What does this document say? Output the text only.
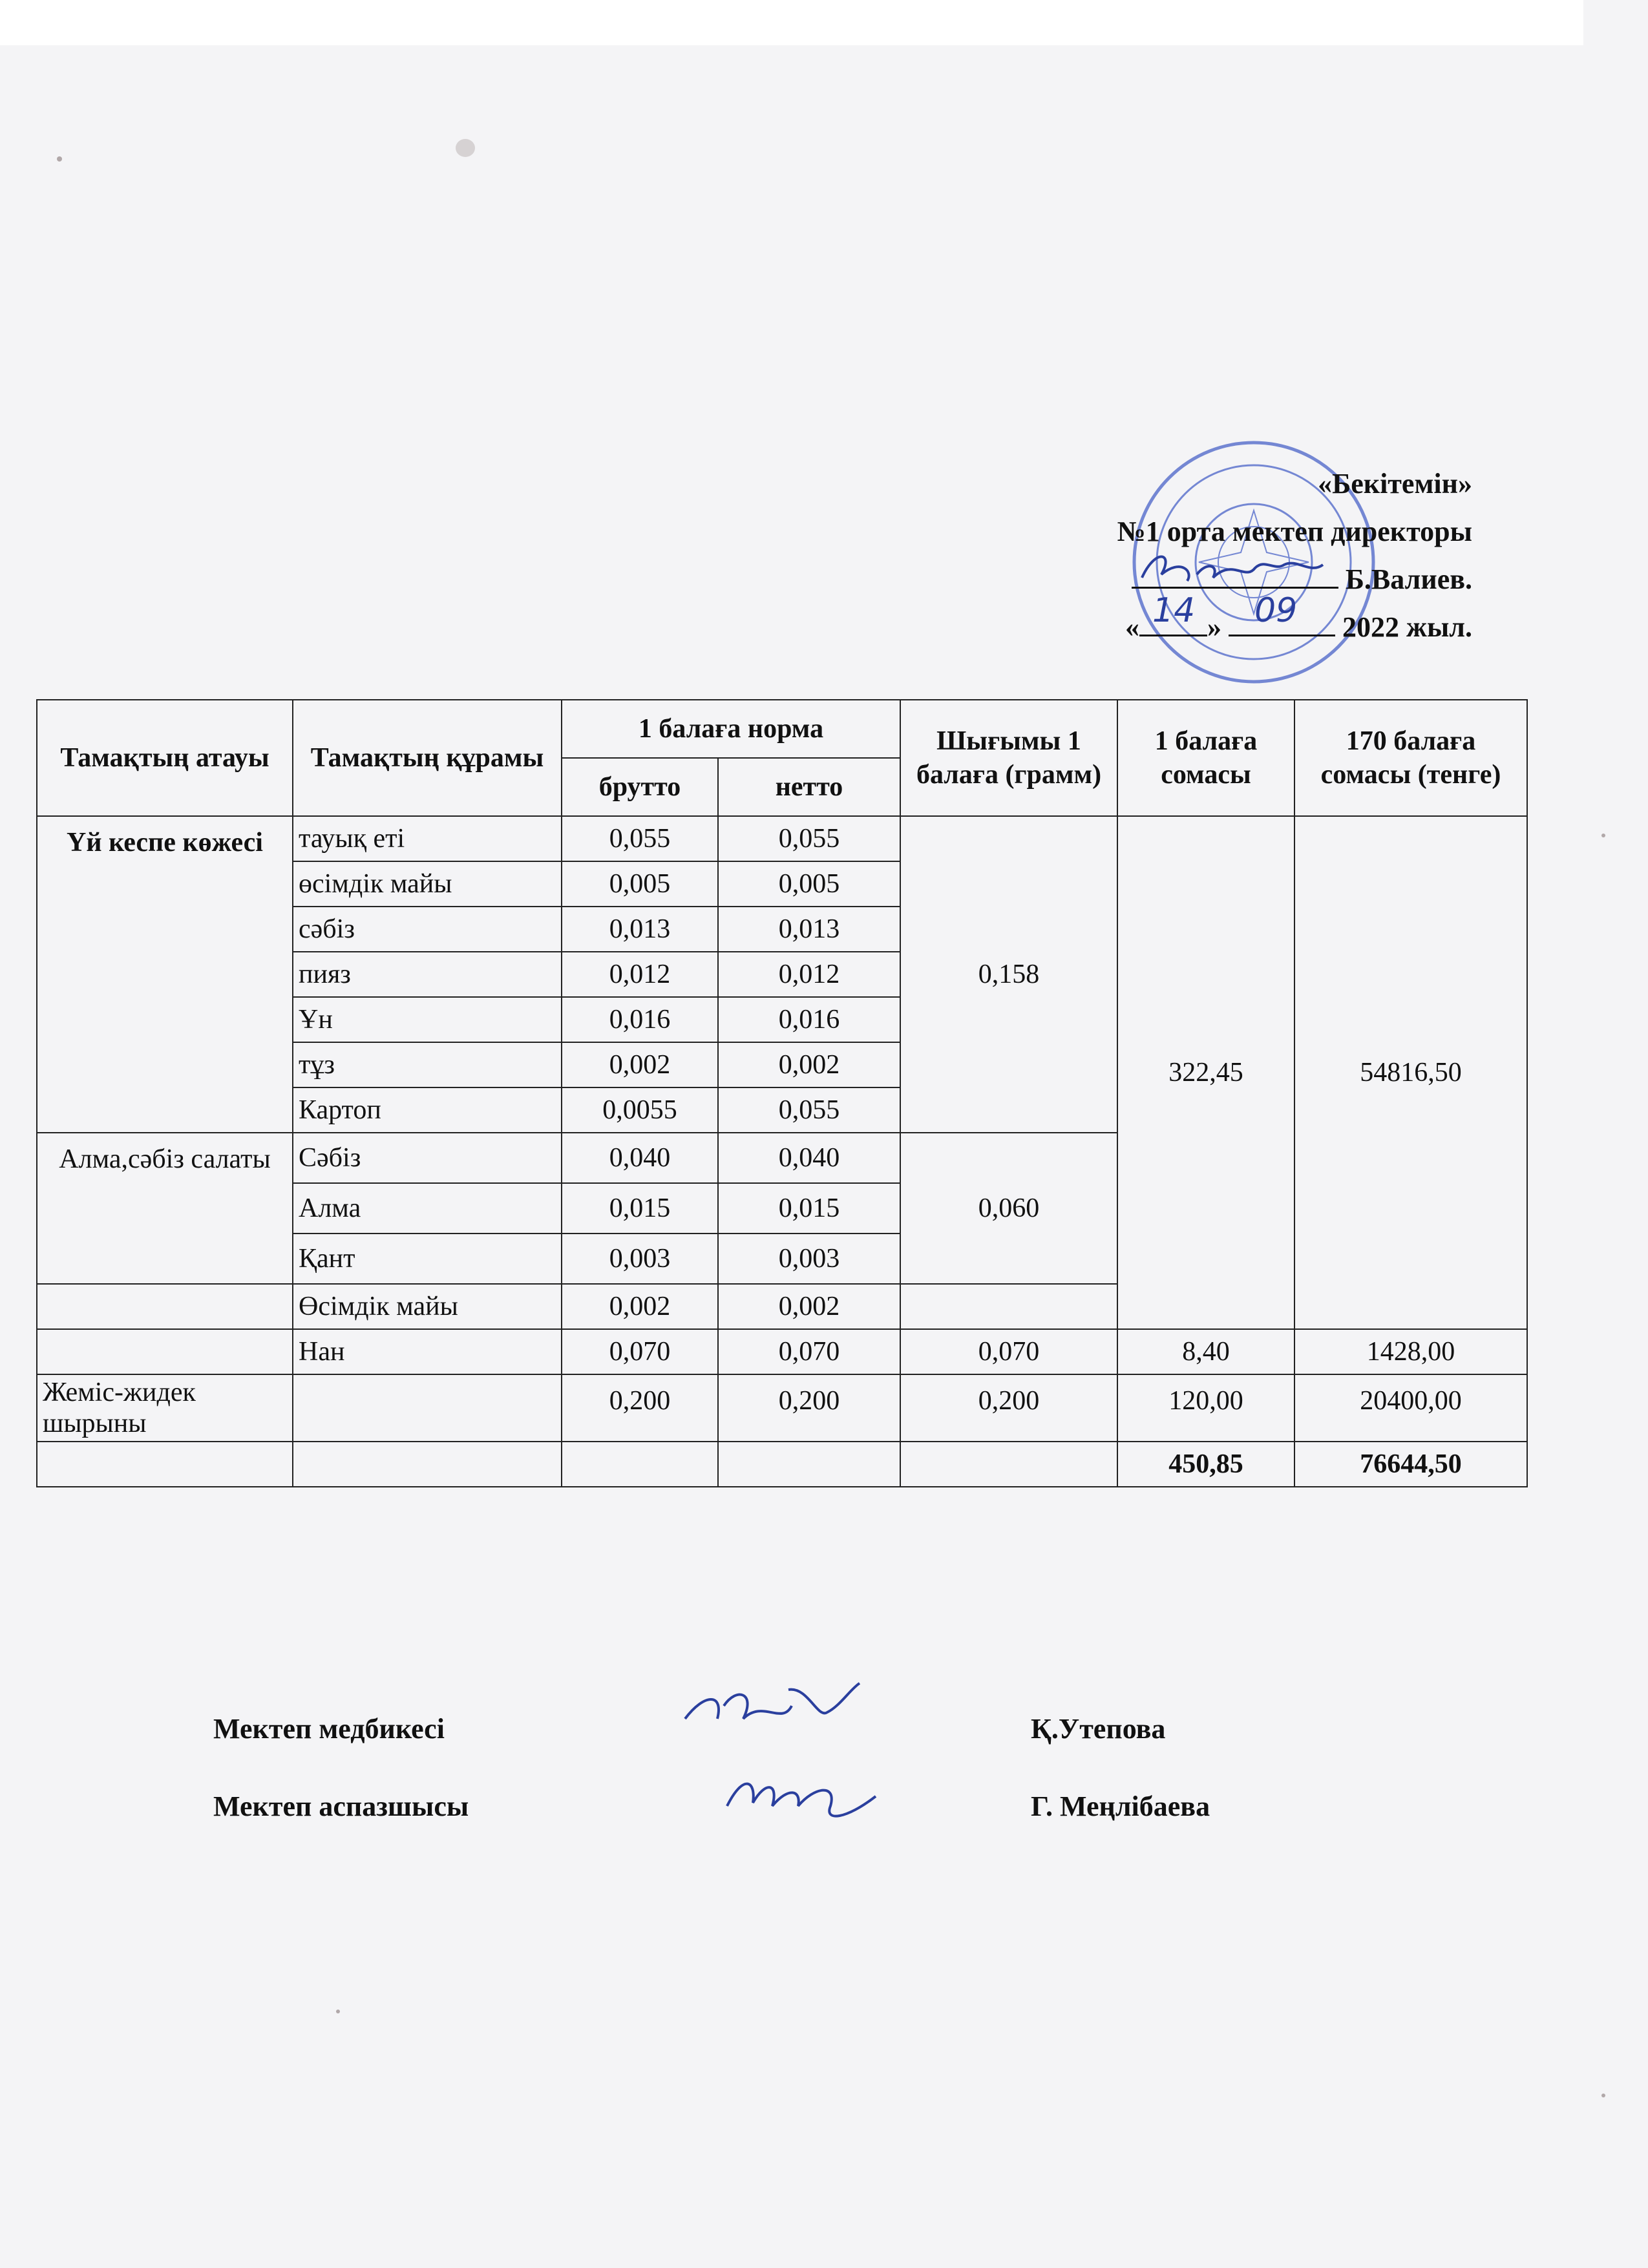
«Бекітемін»
№1 орта мектеп директоры
Б.Валиев.
« 14 » 09 2022 жыл.
Тамақтың атауы	Тамақтың құрамы	1 балаға норма		Шығымы 1 балаға (грамм)	1 балаға сомасы	170 балаға сомасы (тенге)
		брутто	нетто			
Үй кеспе көжесі	тауық еті	0,055	0,055	0,158	322,45	54816,50
	өсімдік майы	0,005	0,005			
	сәбіз	0,013	0,013			
	пияз	0,012	0,012			
	Ұн	0,016	0,016			
	тұз	0,002	0,002			
	Картоп	0,0055	0,055			
Алма,сәбіз салаты	Сәбіз	0,040	0,040	0,060		
	Алма	0,015	0,015			
	Қант	0,003	0,003			
	Өсімдік майы	0,002	0,002			
	Нан	0,070	0,070	0,070	8,40	1428,00
Жеміс-жидек шырыны		0,200	0,200	0,200	120,00	20400,00
					450,85	76644,50
Мектеп медбикесі	Қ.Утепова
Мектеп аспазшысы	Г. Меңлібаева
